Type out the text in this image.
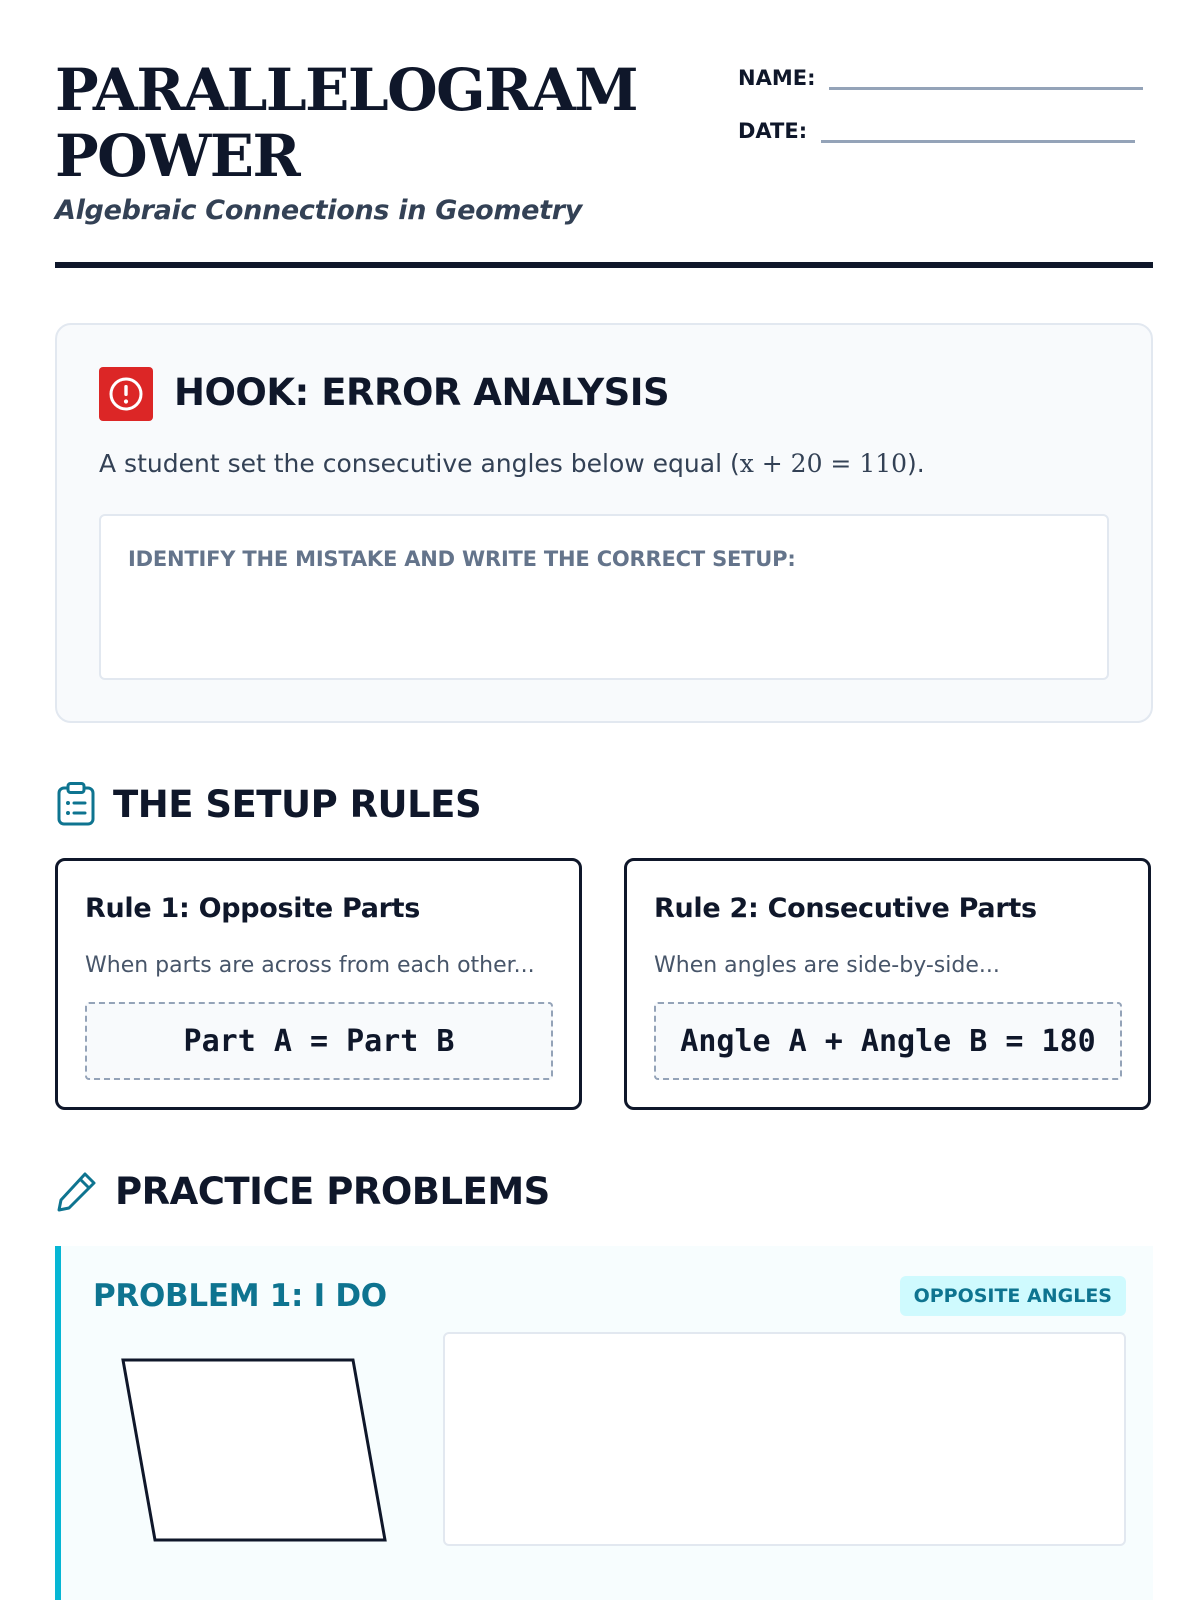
PARALLELOGRAM
POWER
Algebraic Connections in Geometry
NAME:
DATE:
HOOK: ERROR ANALYSIS
A student set the consecutive angles below equal (x + 20 = 110).
IDENTIFY THE MISTAKE AND WRITE THE CORRECT SETUP:
THE SETUP RULES
Rule 1: Opposite Parts
When parts are across from each other...
Part A = Part B
Rule 2: Consecutive Parts
When angles are side-by-side...
Angle A + Angle B = 180
PRACTICE PROBLEMS
PROBLEM 1: I DO	OPPOSITE ANGLES
